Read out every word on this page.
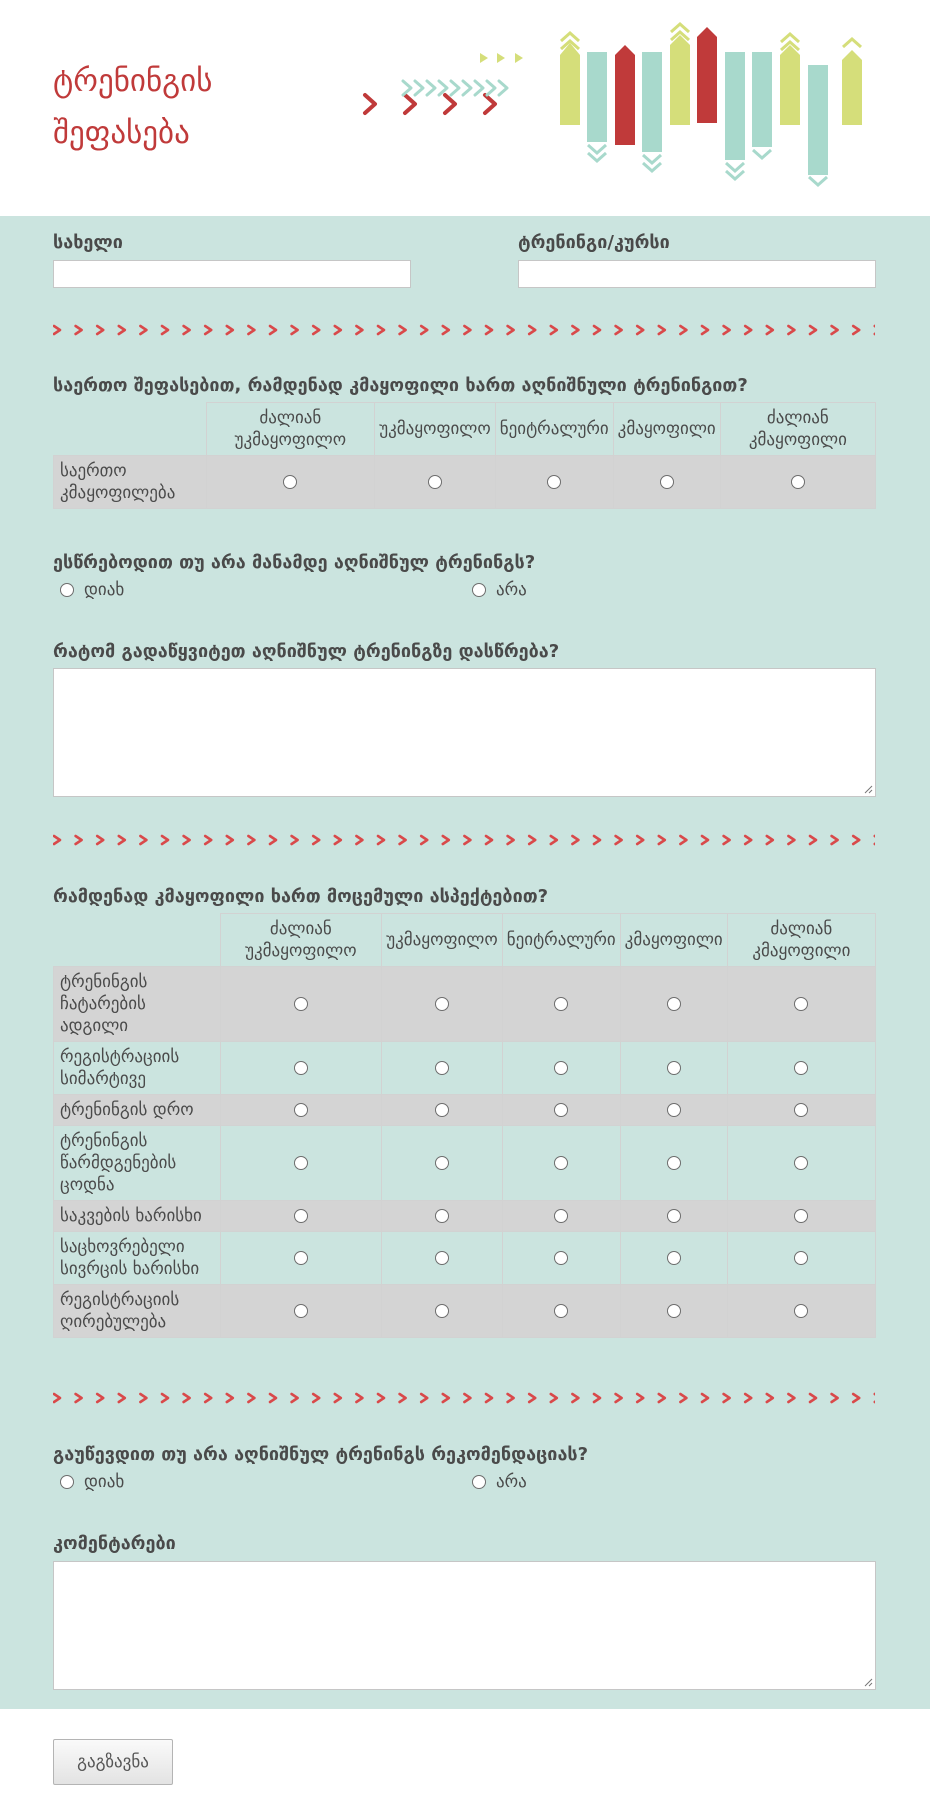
ტრენინგის
შეფასება
სახელი	ტრენინგი/კურსი
საერთო შეფასებით, რამდენად კმაყოფილი ხართ აღნიშნული ტრენინგით?
	ძალიან უკმაყოფილო	უკმაყოფილო	ნეიტრალური	კმაყოფილი	ძალიან კმაყოფილი
საერთო კმაყოფილება					
ესწრებოდით თუ არა მანამდე აღნიშნულ ტრენინგს?
დიახ	არა
რატომ გადაწყვიტეთ აღნიშნულ ტრენინგზე დასწრება?
რამდენად კმაყოფილი ხართ მოცემული ასპექტებით?
	ძალიან უკმაყოფილო	უკმაყოფილო	ნეიტრალური	კმაყოფილი	ძალიან კმაყოფილი
ტრენინგის ჩატარების ადგილი					
რეგისტრაციის სიმარტივე					
ტრენინგის დრო					
ტრენინგის წარმდგენების ცოდნა					
საკვების ხარისხი					
საცხოვრებელი სივრცის ხარისხი					
რეგისტრაციის ღირებულება					
გაუწევდით თუ არა აღნიშნულ ტრენინგს რეკომენდაციას?
დიახ	არა
კომენტარები
გაგზავნა
